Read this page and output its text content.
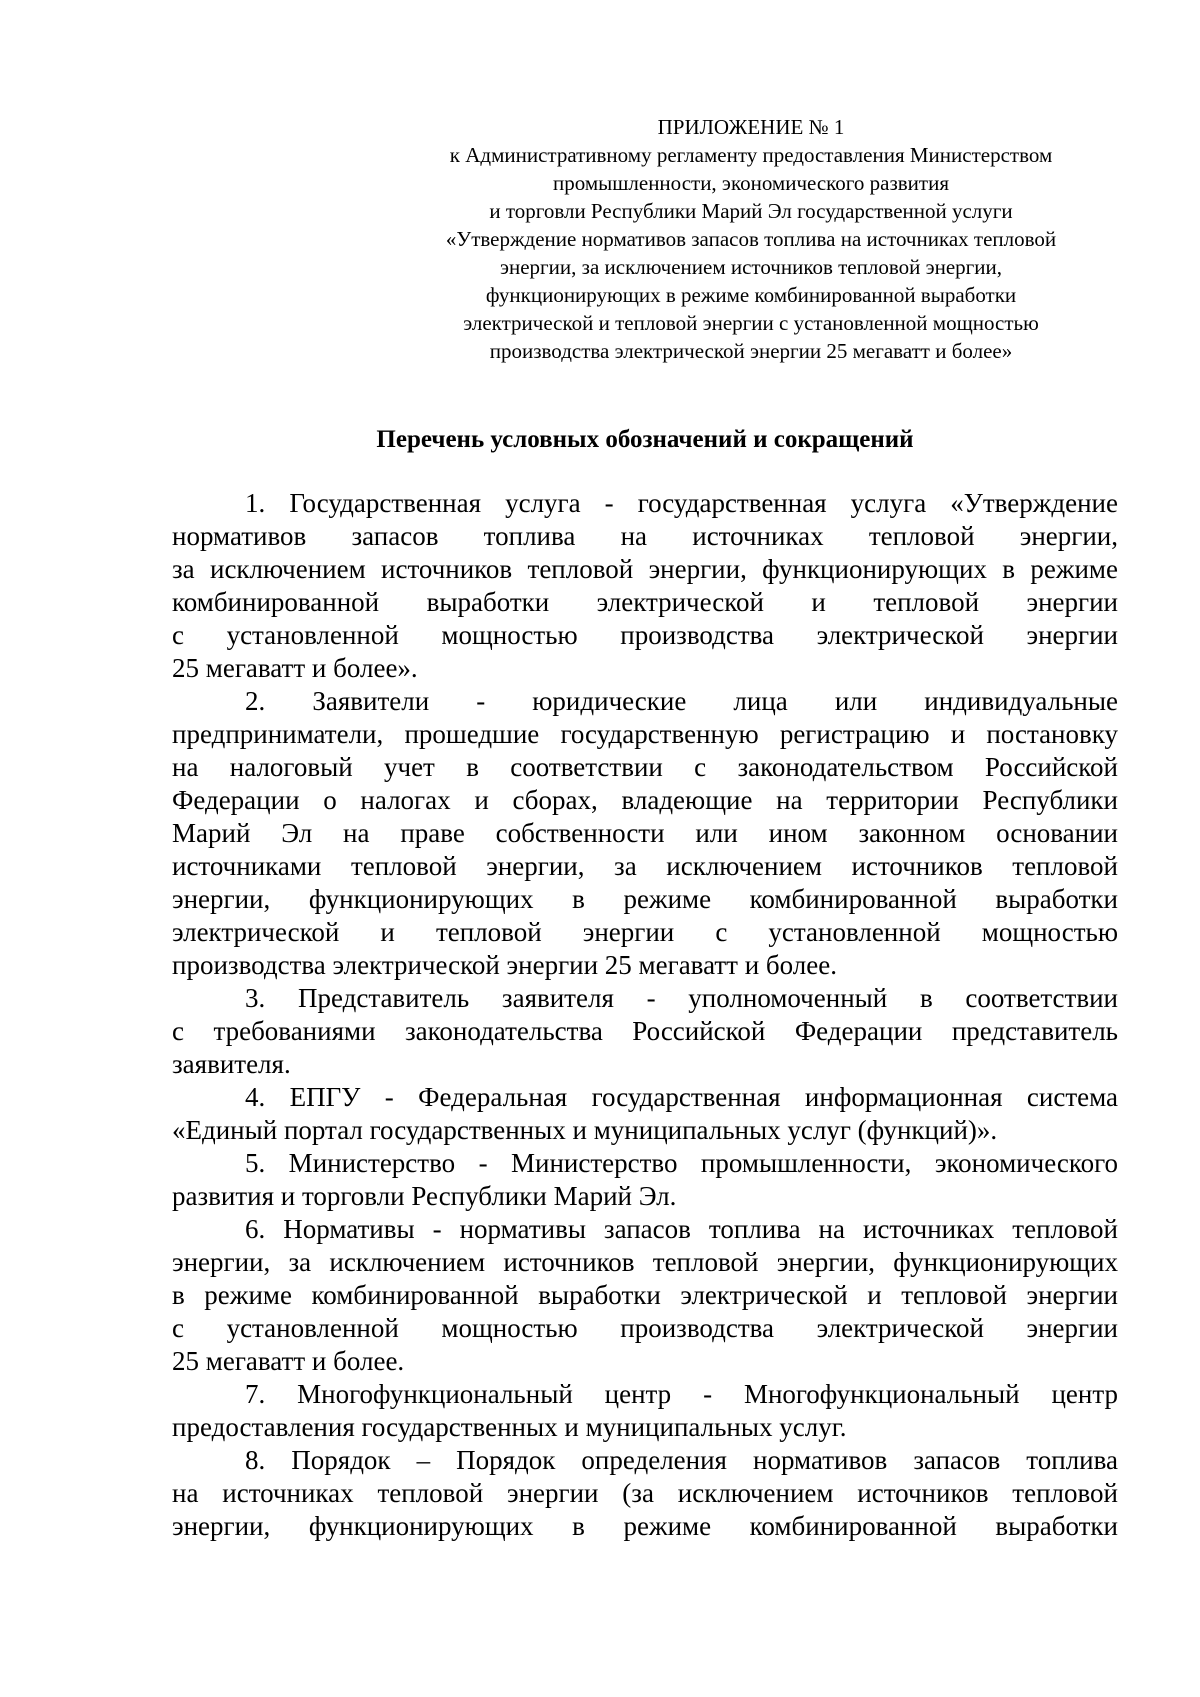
ПРИЛОЖЕНИЕ № 1
к Административному регламенту предоставления Министерством
промышленности, экономического развития
и торговли Республики Марий Эл государственной услуги
«Утверждение нормативов запасов топлива на источниках тепловой
энергии, за исключением источников тепловой энергии,
функционирующих в режиме комбинированной выработки
электрической и тепловой энергии с установленной мощностью
производства электрической энергии 25 мегаватт и более»
Перечень условных обозначений и сокращений
1. Государственная услуга - государственная услуга «Утверждение
нормативов запасов топлива на источниках тепловой энергии,
за исключением источников тепловой энергии, функционирующих в режиме
комбинированной выработки электрической и тепловой энергии
с установленной мощностью производства электрической энергии
25 мегаватт и более».
2. Заявители - юридические лица или индивидуальные
предприниматели, прошедшие государственную регистрацию и постановку
на налоговый учет в соответствии с законодательством Российской
Федерации о налогах и сборах, владеющие на территории Республики
Марий Эл на праве собственности или ином законном основании
источниками тепловой энергии, за исключением источников тепловой
энергии, функционирующих в режиме комбинированной выработки
электрической и тепловой энергии с установленной мощностью
производства электрической энергии 25 мегаватт и более.
3. Представитель заявителя - уполномоченный в соответствии
с требованиями законодательства Российской Федерации представитель
заявителя.
4. ЕПГУ - Федеральная государственная информационная система
«Единый портал государственных и муниципальных услуг (функций)».
5. Министерство - Министерство промышленности, экономического
развития и торговли Республики Марий Эл.
6. Нормативы - нормативы запасов топлива на источниках тепловой
энергии, за исключением источников тепловой энергии, функционирующих
в режиме комбинированной выработки электрической и тепловой энергии
с установленной мощностью производства электрической энергии
25 мегаватт и более.
7. Многофункциональный центр - Многофункциональный центр
предоставления государственных и муниципальных услуг.
8. Порядок – Порядок определения нормативов запасов топлива
на источниках тепловой энергии (за исключением источников тепловой
энергии, функционирующих в режиме комбинированной выработки
